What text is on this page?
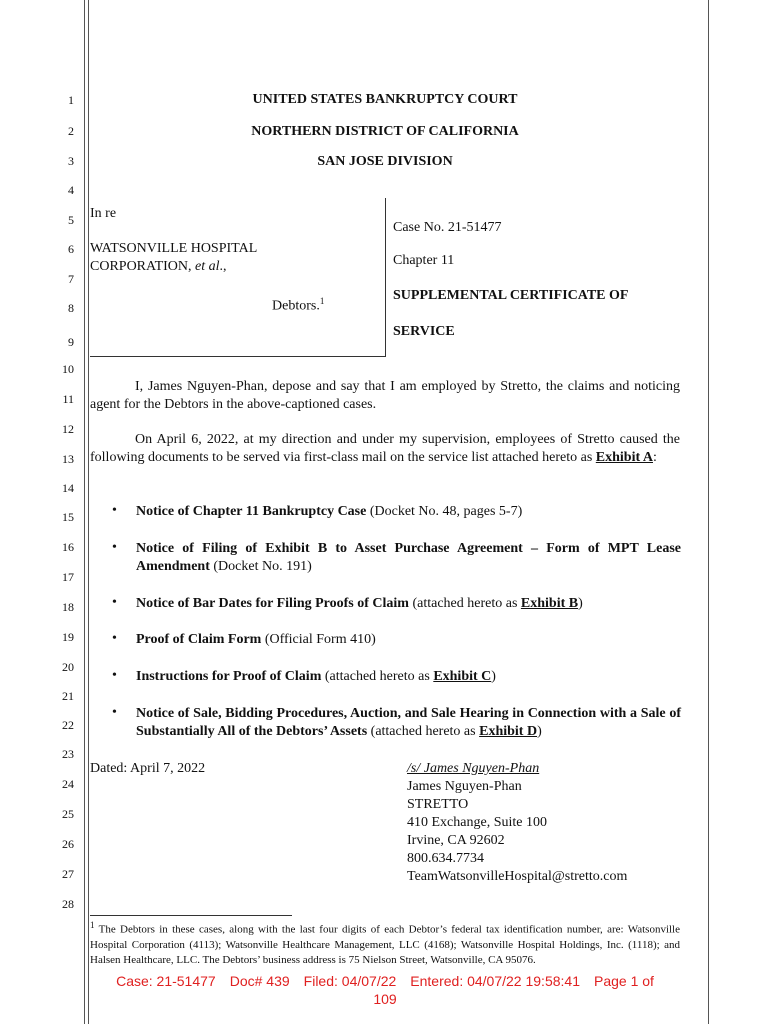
1
2
3
4
5
6
7
8
9
10
11
12
13
14
15
16
17
18
19
20
21
22
23
24
25
26
27
28
UNITED STATES BANKRUPTCY COURT
NORTHERN DISTRICT OF CALIFORNIA
SAN JOSE DIVISION
In re
WATSONVILLE HOSPITAL
CORPORATION, et al.,
Debtors.$^1$
Case No. 21-51477
Chapter 11
SUPPLEMENTAL CERTIFICATE OF
SERVICE
I, James Nguyen-Phan, depose and say that I am employed by Stretto, the claims and noticing agent for the Debtors in the above-captioned cases.
On April 6, 2022, at my direction and under my supervision, employees of Stretto caused the following documents to be served via first-class mail on the service list attached hereto as Exhibit A:
•	Notice of Chapter 11 Bankruptcy Case (Docket No. 48, pages 5-7)
•	Notice of Filing of Exhibit B to Asset Purchase Agreement – Form of MPT Lease Amendment (Docket No. 191)
•	Notice of Bar Dates for Filing Proofs of Claim (attached hereto as Exhibit B)
•	Proof of Claim Form (Official Form 410)
•	Instructions for Proof of Claim (attached hereto as Exhibit C)
•	Notice of Sale, Bidding Procedures, Auction, and Sale Hearing in Connection with a Sale of Substantially All of the Debtors’ Assets (attached hereto as Exhibit D)
Dated: April 7, 2022	/s/ James Nguyen-Phan
James Nguyen-Phan
STRETTO
410 Exchange, Suite 100
Irvine, CA 92602
800.634.7734
TeamWatsonvilleHospital@stretto.com
$^1$ The Debtors in these cases, along with the last four digits of each Debtor’s federal tax identification number, are: Watsonville Hospital Corporation (4113); Watsonville Healthcare Management, LLC (4168); Watsonville Hospital Holdings, Inc. (1118); and Halsen Healthcare, LLC. The Debtors’ business address is 75 Nielson Street, Watsonville, CA 95076.
Case: 21-51477 Doc# 439 Filed: 04/07/22 Entered: 04/07/22 19:58:41 Page 1 of
109
